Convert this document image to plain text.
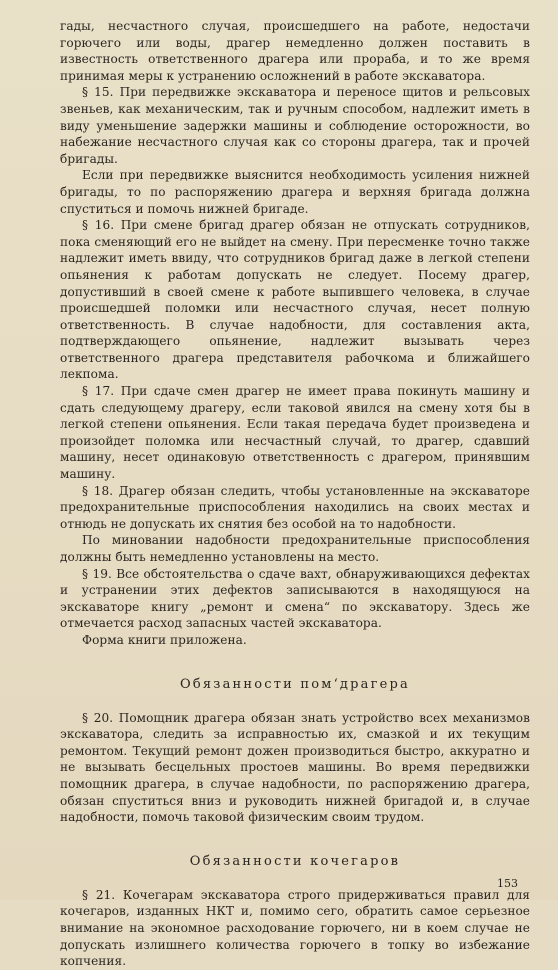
гады, несчастного случая, происшедшего на работе, недостачи горючего или воды, драгер немедленно должен поставить в известность ответственного драгера или прораба, и то же время принимая меры к устранению осложнений в работе экскаватора.

§ 15. При передвижке экскаватора и переносе щитов и рельсовых звеньев, как механическим, так и ручным способом, надлежит иметь в виду уменьшение задержки машины и соблюдение осторожности, во набежание несчастного случая как со стороны драгера, так и прочей бригады.

Если при передвижке выяснится необходимость усиления нижней бригады, то по распоряжению драгера и верхняя бригада должна спуститься и помочь нижней бригаде.

§ 16. При смене бригад драгер обязан не отпускать сотрудников, пока сменяющий его не выйдет на смену. При пересменке точно также надлежит иметь ввиду, что сотрудников бригад даже в легкой степени опьянения к работам допускать не следует. Посему драгер, допустивший в своей смене к работе выпившего человека, в случае происшедшей поломки или несчастного случая, несет полную ответственность. В случае надобности, для составления акта, подтверждающего опьянение, надлежит вызывать через ответственного драгера представителя рабочкома и ближайшего лекпома.

§ 17. При сдаче смен драгер не имеет права покинуть машину и сдать следующему драгеру, если таковой явился на смену хотя бы в легкой степени опьянения. Если такая передача будет произведена и произойдет поломка или несчастный случай, то драгер, сдавший машину, несет одинаковую ответственность с драгером, принявшим машину.

§ 18. Драгер обязан следить, чтобы установленные на экскаваторе предохранительные приспособления находились на своих местах и отнюдь не допускать их снятия без особой на то надобности.

По миновании надобности предохранительные приспособления должны быть немедленно установлены на место.

§ 19. Все обстоятельства о сдаче вахт, обнаруживающихся дефектах и устранении этих дефектов записываются в находящуюся на экскаваторе книгу „ремонт и смена“ по экскаватору. Здесь же отмечается расход запасных частей экскаватора.

Форма книги приложена.

Обязанности пом‘драгера

§ 20. Помощник драгера обязан знать устройство всех механизмов экскаватора, следить за исправностью их, смазкой и их текущим ремонтом. Текущий ремонт дожен производиться быстро, аккуратно и не вызывать бесцельных простоев машины. Во время передвижки помощник драгера, в случае надобности, по распоряжению драгера, обязан спуститься вниз и руководить нижней бригадой и, в случае надобности, помочь таковой физическим своим трудом.

Обязанности кочегаров

§ 21. Кочегарам экскаватора строго придерживаться правил для кочегаров, изданных НКТ и, помимо сего, обратить самое серьезное внимание на экономное расходование горючего, ни в коем случае не допускать излишнего количества горючего в топку во избежание копчения.

153
